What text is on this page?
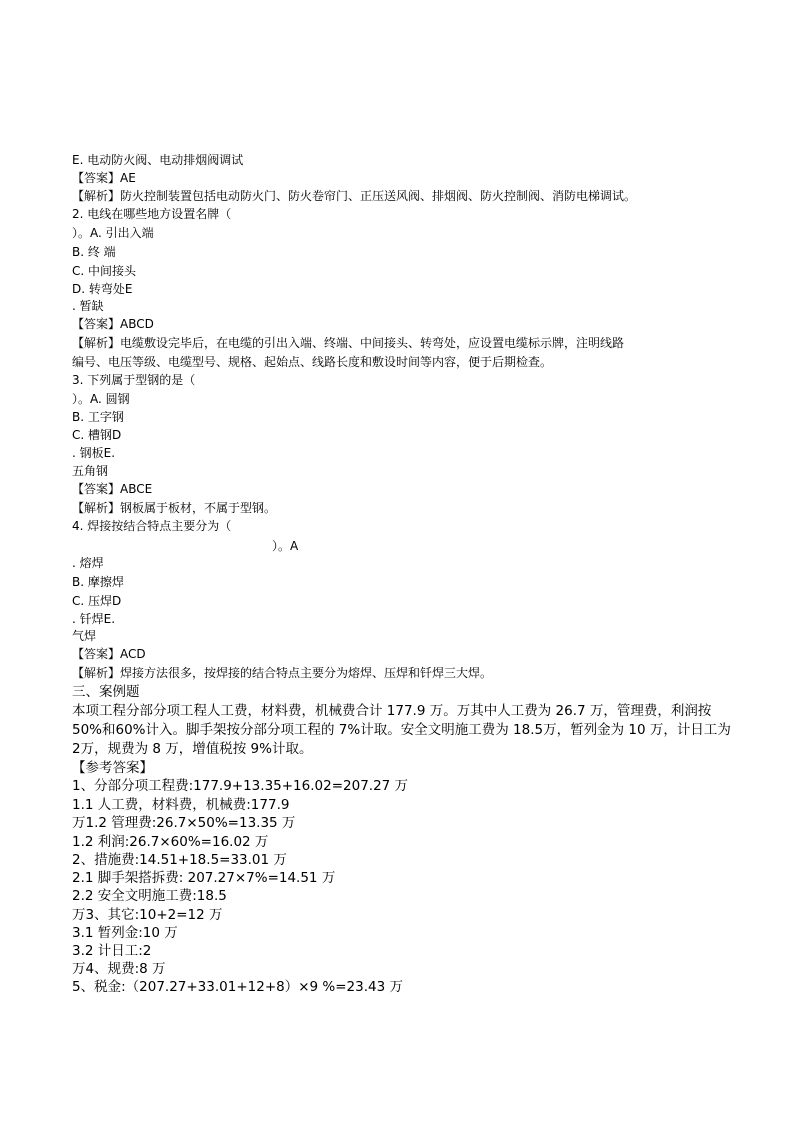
E. 电动防火阀、电动排烟阀调试
【答案】AE
【解析】防火控制装置包括电动防火门、防火卷帘门、正压送风阀、排烟阀、防火控制阀、消防电梯调试。
2. 电线在哪些地方设置名牌（
）。A. 引出入端
B. 终 端
C. 中间接头
D. 转弯处E
. 暂缺
【答案】ABCD
【解析】电缆敷设完毕后，在电缆的引出入端、终端、中间接头、转弯处，应设置电缆标示牌，注明线路
编号、电压等级、电缆型号、规格、起始点、线路长度和敷设时间等内容，便于后期检查。
3. 下列属于型钢的是（
）。A. 圆钢
B. 工字钢
C. 槽钢D
. 钢板E.
五角钢
【答案】ABCE
【解析】钢板属于板材，不属于型钢。
4. 焊接按结合特点主要分为（
）。A
. 熔焊
B. 摩擦焊
C. 压焊D
. 钎焊E.
气焊
【答案】ACD
【解析】焊接方法很多，按焊接的结合特点主要分为熔焊、压焊和钎焊三大焊。
三、案例题
本项工程分部分项工程人工费，材料费，机械费合计 177.9 万。万其中人工费为 26.7 万，管理费，利润按
50%和60%计入。脚手架按分部分项工程的 7%计取。安全文明施工费为 18.5万，暂列金为 10 万，计日工为
2万，规费为 8 万，增值税按 9%计取。
【参考答案】
1、分部分项工程费:177.9+13.35+16.02=207.27 万
1.1 人工费，材料费，机械费:177.9
万1.2 管理费:26.7×50%=13.35 万
1.2 利润:26.7×60%=16.02 万
2、措施费:14.51+18.5=33.01 万
2.1 脚手架搭拆费: 207.27×7%=14.51 万
2.2 安全文明施工费:18.5
万3、其它:10+2=12 万
3.1 暂列金:10 万
3.2 计日工:2
万4、规费:8 万
5、税金:（207.27+33.01+12+8）×9 %=23.43 万
